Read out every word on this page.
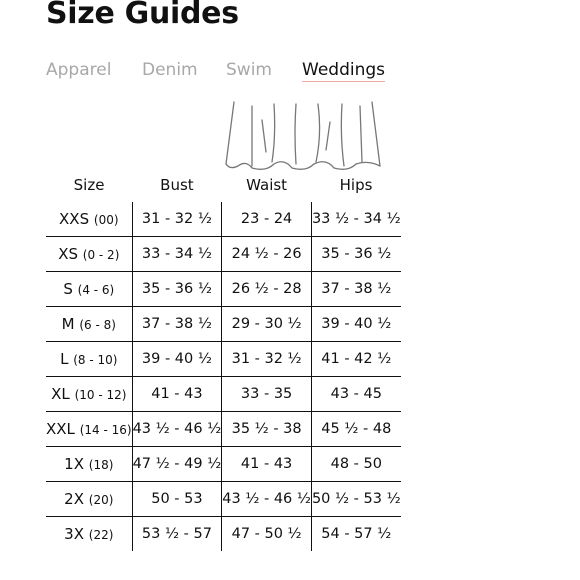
Size Guides
Apparel	Denim	Swim	Weddings
Size	Bust	Waist	Hips
XXS (00)	31 - 32 ½	23 - 24	33 ½ - 34 ½
XS (0 - 2)	33 - 34 ½	24 ½ - 26	35 - 36 ½
S (4 - 6)	35 - 36 ½	26 ½ - 28	37 - 38 ½
M (6 - 8)	37 - 38 ½	29 - 30 ½	39 - 40 ½
L (8 - 10)	39 - 40 ½	31 - 32 ½	41 - 42 ½
XL (10 - 12)	41 - 43	33 - 35	43 - 45
XXL (14 - 16)	43 ½ - 46 ½	35 ½ - 38	45 ½ - 48
1X (18)	47 ½ - 49 ½	41 - 43	48 - 50
2X (20)	50 - 53	43 ½ - 46 ½	50 ½ - 53 ½
3X (22)	53 ½ - 57	47 - 50 ½	54 - 57 ½
